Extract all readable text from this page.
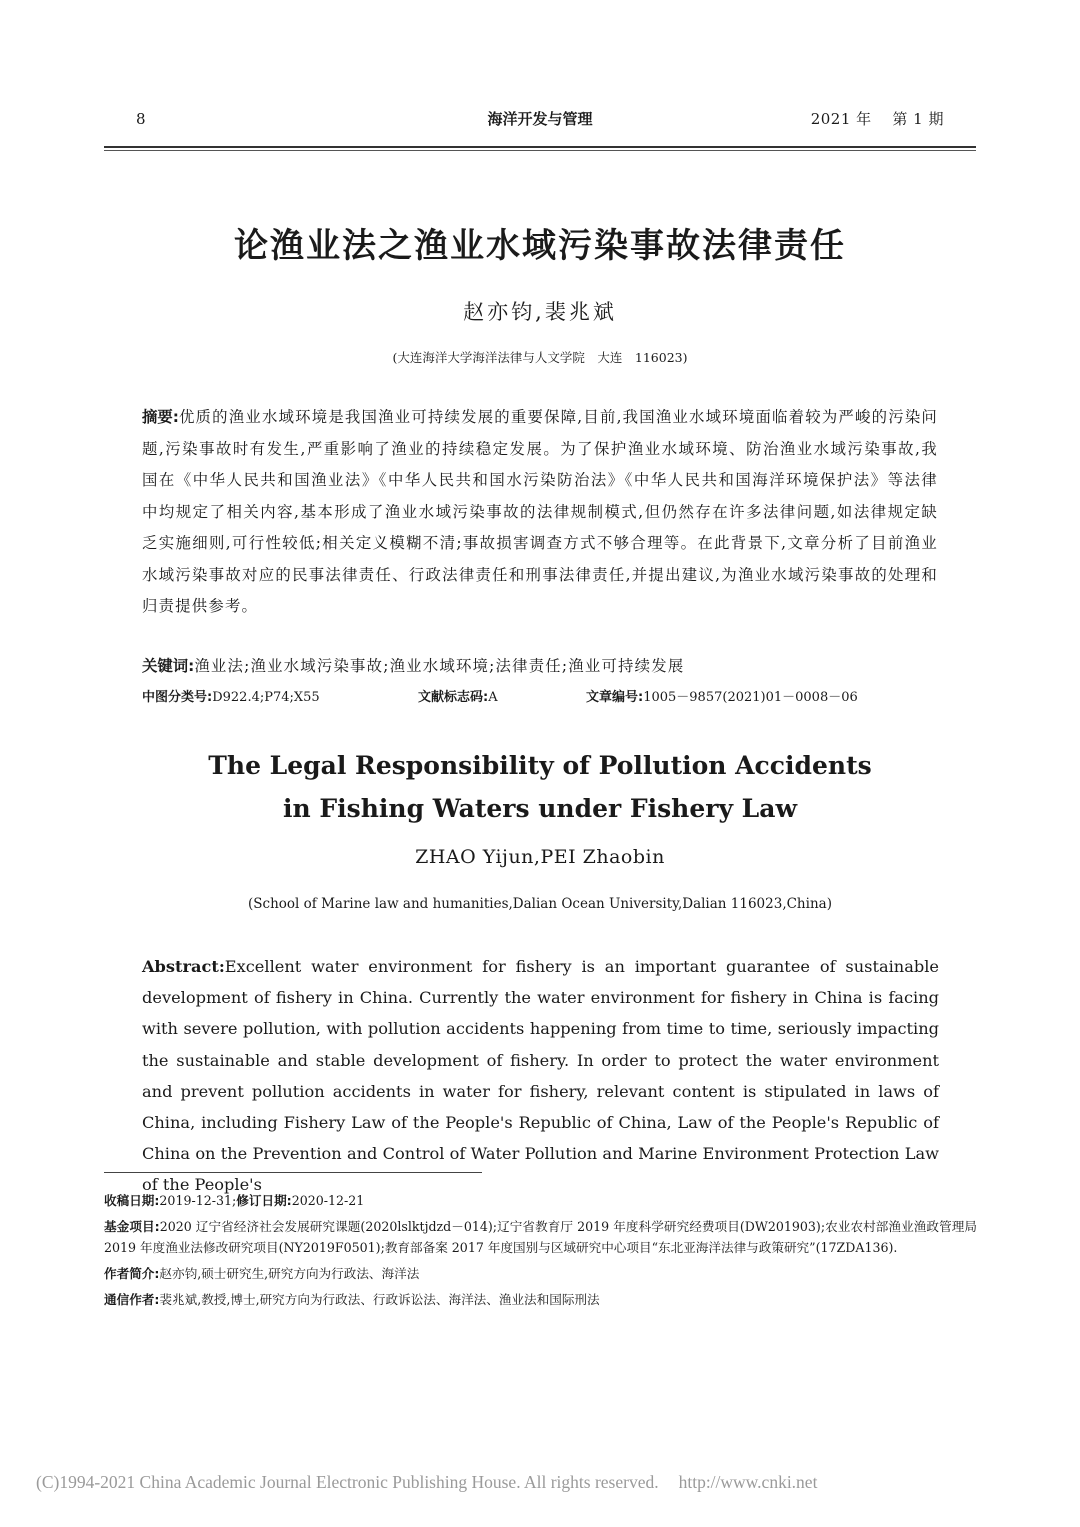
8	海洋开发与管理	2021 年　 第 1 期
论渔业法之渔业水域污染事故法律责任
赵亦钧,裴兆斌
(大连海洋大学海洋法律与人文学院　大连　116023)
摘要:优质的渔业水域环境是我国渔业可持续发展的重要保障,目前,我国渔业水域环境面临着较为严峻的污染问题,污染事故时有发生,严重影响了渔业的持续稳定发展。为了保护渔业水域环境、防治渔业水域污染事故,我国在《中华人民共和国渔业法》《中华人民共和国水污染防治法》《中华人民共和国海洋环境保护法》等法律中均规定了相关内容,基本形成了渔业水域污染事故的法律规制模式,但仍然存在许多法律问题,如法律规定缺乏实施细则,可行性较低;相关定义模糊不清;事故损害调查方式不够合理等。在此背景下,文章分析了目前渔业水域污染事故对应的民事法律责任、行政法律责任和刑事法律责任,并提出建议,为渔业水域污染事故的处理和归责提供参考。
关键词:渔业法;渔业水域污染事故;渔业水域环境;法律责任;渔业可持续发展
中图分类号:D922.4;P74;X55	文献标志码:A	文章编号:1005－9857(2021)01－0008－06
The Legal Responsibility of Pollution Accidents
in Fishing Waters under Fishery Law
ZHAO Yijun,PEI Zhaobin
(School of Marine law and humanities,Dalian Ocean University,Dalian 116023,China)
Abstract:Excellent water environment for fishery is an important guarantee of sustainable development of fishery in China. Currently the water environment for fishery in China is facing with severe pollution, with pollution accidents happening from time to time, seriously impacting the sustainable and stable development of fishery. In order to protect the water environment and prevent pollution accidents in water for fishery, relevant content is stipulated in laws of China, including Fishery Law of the People's Republic of China, Law of the People's Republic of China on the Prevention and Control of Water Pollution and Marine Environment Protection Law of the People's

收稿日期:2019-12-31;修订日期:2020-12-21

基金项目:2020 辽宁省经济社会发展研究课题(2020lslktjdzd－014);辽宁省教育厅 2019 年度科学研究经费项目(DW201903);农业农村部渔业渔政管理局 2019 年度渔业法修改研究项目(NY2019F0501);教育部备案 2017 年度国别与区域研究中心项目“东北亚海洋法律与政策研究”(17ZDA136).

作者简介:赵亦钧,硕士研究生,研究方向为行政法、海洋法

通信作者:裴兆斌,教授,博士,研究方向为行政法、行政诉讼法、海洋法、渔业法和国际刑法

(C)1994-2021 China Academic Journal Electronic Publishing House. All rights reserved. http://www.cnki.net
